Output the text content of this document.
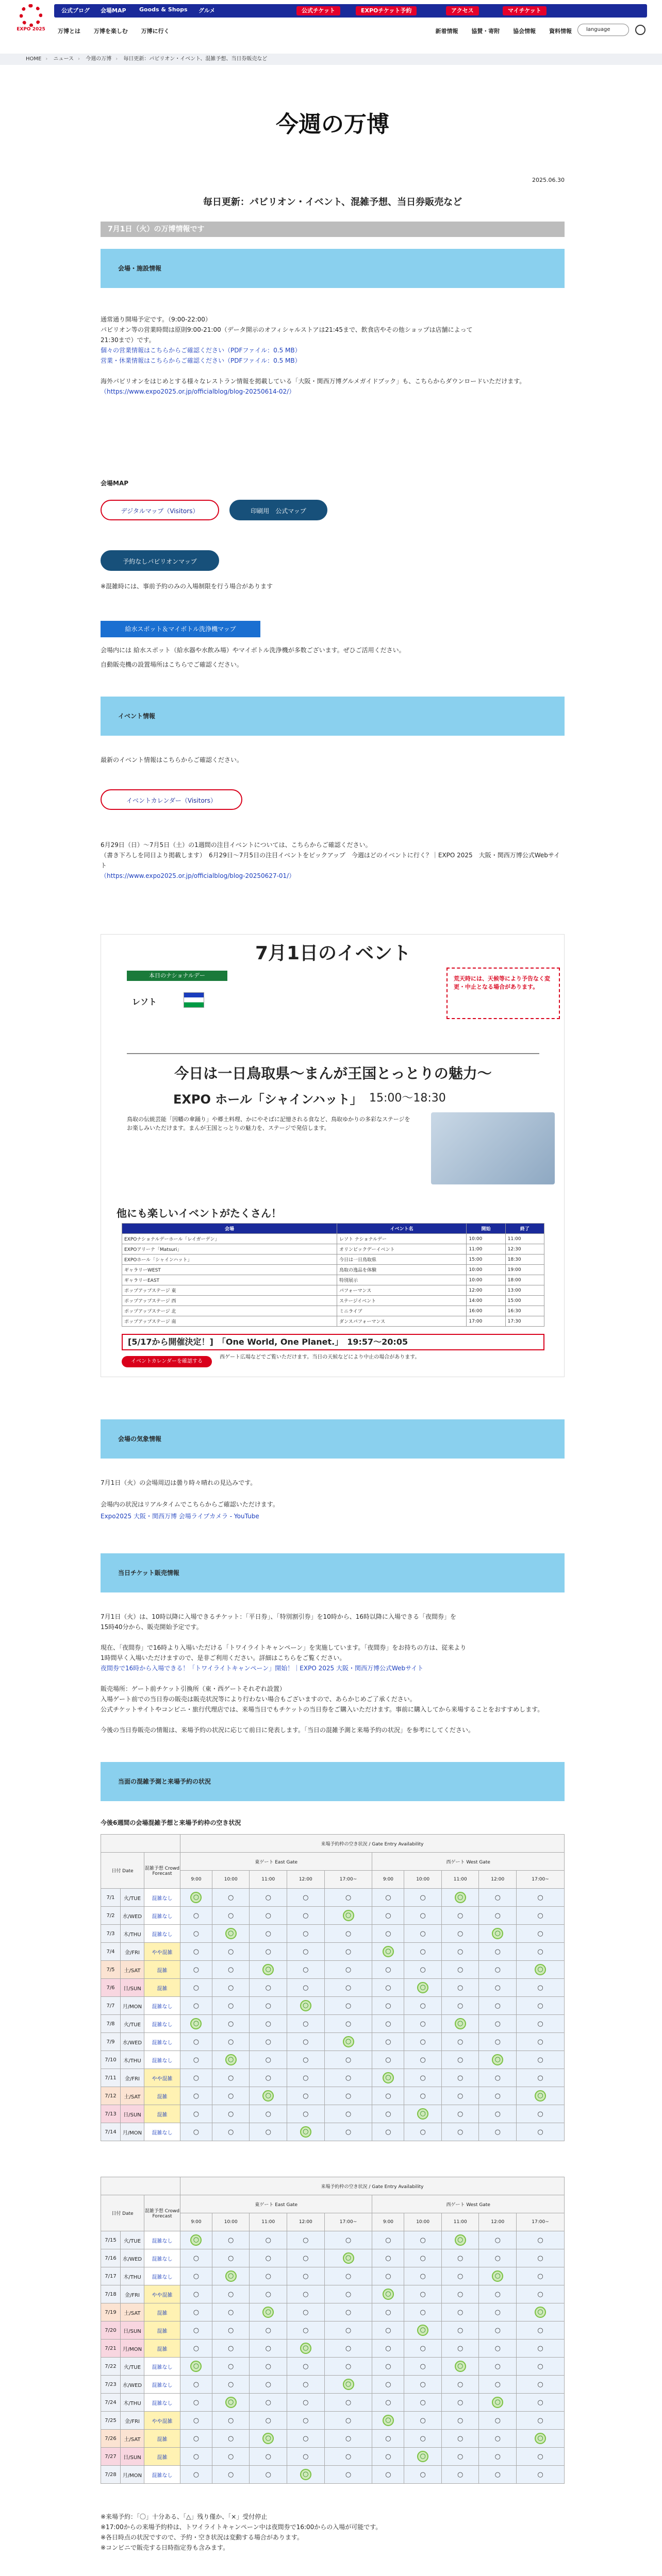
EXPO 2025
公式ブログ 会場MAP Goods & Shops グルメ	公式チケット	EXPOチケット予約	アクセス	マイチケット
万博とは 万博を楽しむ 万博に行く	新着情報 協賛・寄附 協会情報 資料情報	language
HOME › ニュース › 今週の万博 › 毎日更新：パビリオン・イベント、混雑予想、当日券販売など
今週の万博
2025.06.30
毎日更新：パビリオン・イベント、混雑予想、当日券販売など
7月1日（火）の万博情報です
会場・施設情報
通常通り開場予定です。（9:00-22:00）
パビリオン等の営業時間は原則9:00-21:00（データ開示のオフィシャルストアは21:45まで、飲食店やその他ショップは店舗によって
21:30まで）です。
個々の営業情報はこちらからご確認ください（PDFファイル：0.5 MB）
営業・休業情報はこちらからご確認ください（PDFファイル：0.5 MB）
海外パビリオンをはじめとする様々なレストラン情報を掲載している「大阪・関西万博グルメガイドブック」も、こちらからダウンロードいただけます。
（https://www.expo2025.or.jp/officialblog/blog-20250614-02/）
会場MAP
デジタルマップ（Visitors）	印刷用　公式マップ
予約なしパビリオンマップ
※混雑時には、事前予約のみの入場制限を行う場合があります
給水スポット＆マイボトル洗浄機マップ
会場内には 給水スポット（給水器や水飲み場）やマイボトル洗浄機が多数ございます。ぜひご活用ください。
自動販売機の設置場所はこちらでご確認ください。
イベント情報
最新のイベント情報はこちらからご確認ください。
イベントカレンダー（Visitors）
6月29日（日）〜7月5日（土）の1週間の注目イベントについては、こちらからご確認ください。
（書き下ろしを同日より掲載します）　6月29日〜7月5日の注目イベントをピックアップ　今週はどのイベントに行く？｜EXPO 2025　大阪・関西万博公式Webサイト
（https://www.expo2025.or.jp/officialblog/blog-20250627-01/）
7月1日のイベント
本日のナショナルデー
レソト
荒天時には、天候等により予告なく変更・中止となる場合があります。
今日は一日鳥取県〜まんが王国とっとりの魅力〜
EXPO ホール「シャインハット」 15:00〜18:30
鳥取の伝統芸能「因幡の傘踊り」や郷土料理、かにやそばに記憶される食など、鳥取ゆかりの多彩なステージをお楽しみいただけます。まんが王国とっとりの魅力を、ステージで発信します。
他にも楽しいイベントがたくさん！
会場	イベント名	開始	終了
EXPOナショナルデーホール「レイガーデン」	レソト ナショナルデー	10:00	11:00
EXPOアリーナ「Matsuri」	オリンピックデーイベント	11:00	12:30
EXPOホール「シャインハット」	今日は一日鳥取県	15:00	18:30
ギャラリーWEST	鳥取の逸品を体験	10:00	19:00
ギャラリーEAST	特別展示	10:00	18:00
ポップアップステージ 東	パフォーマンス	12:00	13:00
ポップアップステージ 西	ステージイベント	14:00	15:00
ポップアップステージ 北	ミニライブ	16:00	16:30
ポップアップステージ 南	ダンスパフォーマンス	17:00	17:30
[5/17から開催決定！]　「One World, One Planet.」　19:57〜20:05
イベントカレンダーを確認する
西ゲート広場などでご覧いただけます。当日の天候などにより中止の場合があります。
会場の気象情報
7月1日（火）の会場周辺は曇り時々晴れの見込みです。
会場内の状況はリアルタイムでこちらからご確認いただけます。
Expo2025 大阪・関西万博 会場ライブカメラ - YouTube
当日チケット販売情報
7月1日（火）は、10時以降に入場できるチケット：「平日券」、「特別割引券」を10時から、16時以降に入場できる「夜間券」を
15時40分から、販売開始予定です。
現在、「夜間券」で16時より入場いただける「トワイライトキャンペーン」を実施しています。「夜間券」をお持ちの方は、従来より
1時間早く入場いただけますので、是非ご利用ください。詳細はこちらをご覧ください。
夜間券で16時から入場できる！「トワイライトキャンペーン」開始！｜EXPO 2025 大阪・関西万博公式Webサイト
販売場所：ゲート前チケット引換所（東・西ゲートそれぞれ設置）
入場ゲート前での当日券の販売は販売状況等により行わない場合もございますので、あらかじめご了承ください。
公式チケットサイトやコンビニ・旅行代理店では、来場当日でもチケットの当日券をご購入いただけます。事前に購入してから来場することをおすすめします。
今後の当日券販売の情報は、来場予約の状況に応じて前日に発表します。「当日の混雑予測と来場予約の状況」を参考にしてください。
当面の混雑予測と来場予約の状況
今後6週間の会場混雑予想と来場予約枠の空き状況
			来場予約枠の空き状況 / Gate Entry Availability									
日付 Date		混雑予想 Crowd Forecast	東ゲート East Gate					西ゲート West Gate				
			9:00	10:00	11:00	12:00	17:00~	9:00	10:00	11:00	12:00	17:00~
7/1	火/TUE	混雑なし	○	○	○	○	○	○	○	○	○	○
7/2	水/WED	混雑なし	○	○	○	○	○	○	○	○	○	○
7/3	木/THU	混雑なし	○	○	○	○	○	○	○	○	○	○
7/4	金/FRI	やや混雑	○	○	○	○	○	○	○	○	○	○
7/5	土/SAT	混雑	○	○	○	○	○	○	○	○	○	○
7/6	日/SUN	混雑	○	○	○	○	○	○	○	○	○	○
7/7	月/MON	混雑なし	○	○	○	○	○	○	○	○	○	○
7/8	火/TUE	混雑なし	○	○	○	○	○	○	○	○	○	○
7/9	水/WED	混雑なし	○	○	○	○	○	○	○	○	○	○
7/10	木/THU	混雑なし	○	○	○	○	○	○	○	○	○	○
7/11	金/FRI	やや混雑	○	○	○	○	○	○	○	○	○	○
7/12	土/SAT	混雑	○	○	○	○	○	○	○	○	○	○
7/13	日/SUN	混雑	○	○	○	○	○	○	○	○	○	○
7/14	月/MON	混雑なし	○	○	○	○	○	○	○	○	○	○
			来場予約枠の空き状況 / Gate Entry Availability									
日付 Date		混雑予想 Crowd Forecast	東ゲート East Gate					西ゲート West Gate				
			9:00	10:00	11:00	12:00	17:00~	9:00	10:00	11:00	12:00	17:00~
7/15	火/TUE	混雑なし	○	○	○	○	○	○	○	○	○	○
7/16	水/WED	混雑なし	○	○	○	○	○	○	○	○	○	○
7/17	木/THU	混雑なし	○	○	○	○	○	○	○	○	○	○
7/18	金/FRI	やや混雑	○	○	○	○	○	○	○	○	○	○
7/19	土/SAT	混雑	○	○	○	○	○	○	○	○	○	○
7/20	日/SUN	混雑	○	○	○	○	○	○	○	○	○	○
7/21	月/MON	混雑	○	○	○	○	○	○	○	○	○	○
7/22	火/TUE	混雑なし	○	○	○	○	○	○	○	○	○	○
7/23	水/WED	混雑なし	○	○	○	○	○	○	○	○	○	○
7/24	木/THU	混雑なし	○	○	○	○	○	○	○	○	○	○
7/25	金/FRI	やや混雑	○	○	○	○	○	○	○	○	○	○
7/26	土/SAT	混雑	○	○	○	○	○	○	○	○	○	○
7/27	日/SUN	混雑	○	○	○	○	○	○	○	○	○	○
7/28	月/MON	混雑なし	○	○	○	○	○	○	○	○	○	○
※来場予約：「〇」十分ある、「△」残り僅か、「×」受付停止
※17:00からの来場予約枠は、トワイライトキャンペーン中は夜間券で16:00からの入場が可能です。
※各日時点の状況ですので、予約・空き状況は変動する場合があります。
※コンビニで販売する日時指定券も含みます。
